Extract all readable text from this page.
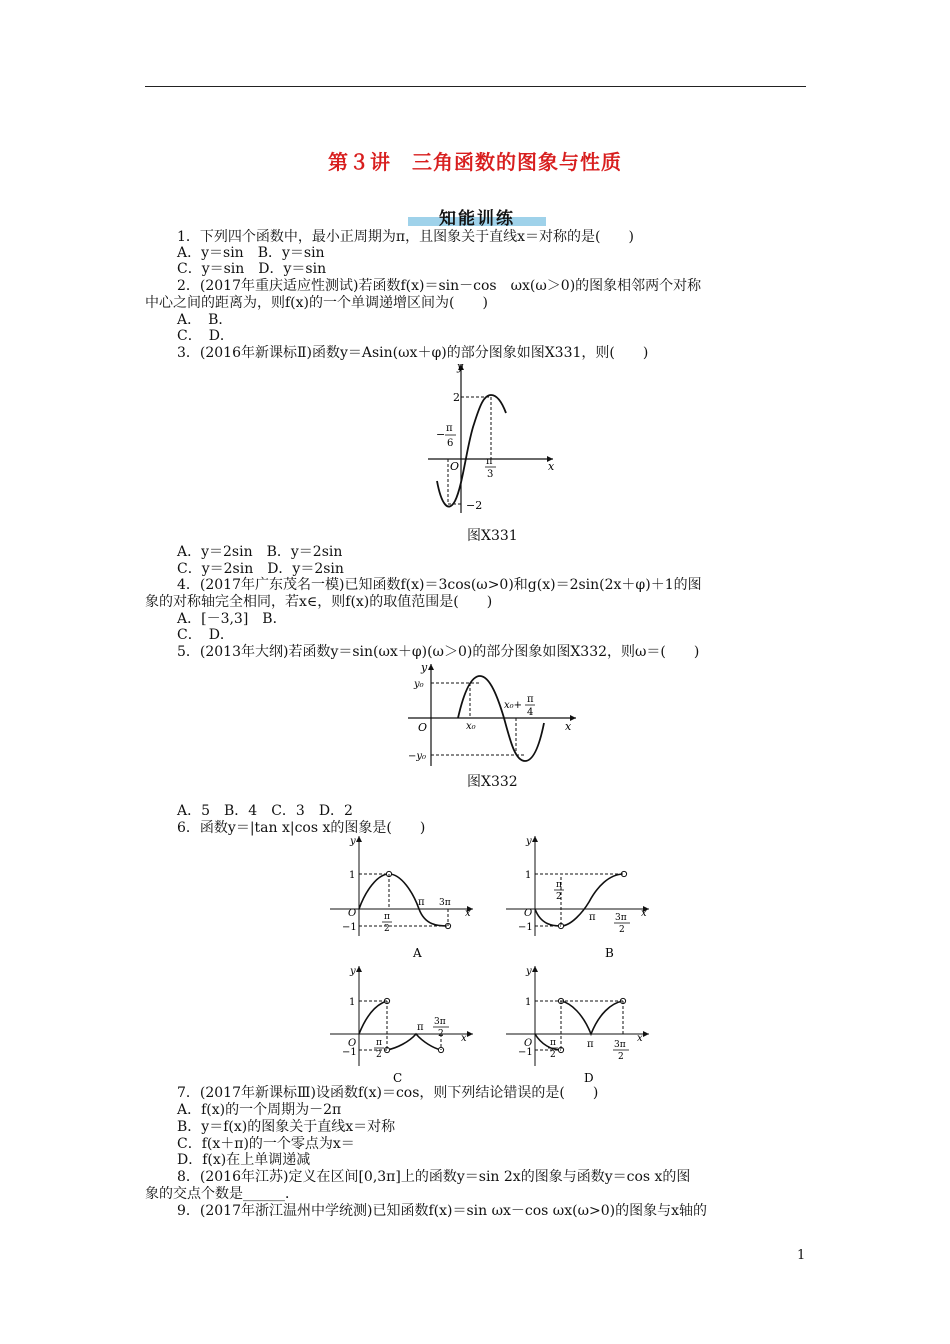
第３讲　三角函数的图象与性质
知能训练
1．下列四个函数中，最小正周期为π，且图象关于直线x＝对称的是(　　)
A．y＝sin　B．y＝sin
C．y＝sin　D．y＝sin
2．(2017年重庆适应性测试)若函数f(x)＝sin－cos　ωx(ω＞0)的图象相邻两个对称
中心之间的距离为，则f(x)的一个单调递增区间为(　　)
A．　B．
C．　D．
3．(2016年新课标Ⅱ)函数y＝Asin(ωx＋φ)的部分图象如图X331，则(　　)
y
x
O
2
−2
− π
6
π
3
图X331
A．y＝2sin　B．y＝2sin
C．y＝2sin　D．y＝2sin
4．(2017年广东茂名一模)已知函数f(x)＝3cos(ω>0)和g(x)＝2sin(2x＋φ)＋1的图
象的对称轴完全相同，若x∈，则f(x)的取值范围是(　　)
A．[－3,3]　B．
C．　D．
5．(2013年大纲)若函数y＝sin(ωx＋φ)(ω＞0)的部分图象如图X332，则ω＝(　　)
y
x
O
y₀
−y₀
x₀
x₀+
π
4
图X332
A．5　B．4　C．3　D．2
6．函数y＝|tan x|cos x的图象是(　　)
y
x
O
1
−1
π
π
2
3π
A
y
x
O
1
−1
π
π
2
3π
2
B
y
x
O
1
−1
π
π
2
3π
2
C
y
x
O
1
−1
π
π
2
3π
2
D
7．(2017年新课标Ⅲ)设函数f(x)＝cos，则下列结论错误的是(　　)
A．f(x)的一个周期为－2π
B．y＝f(x)的图象关于直线x＝对称
C．f(x＋π)的一个零点为x＝
D．f(x)在上单调递减
8．(2016年江苏)定义在区间[0,3π]上的函数y＝sin 2x的图象与函数y＝cos x的图
象的交点个数是______．
9．(2017年浙江温州中学统测)已知函数f(x)＝sin ωx－cos ωx(ω>0)的图象与x轴的
1
